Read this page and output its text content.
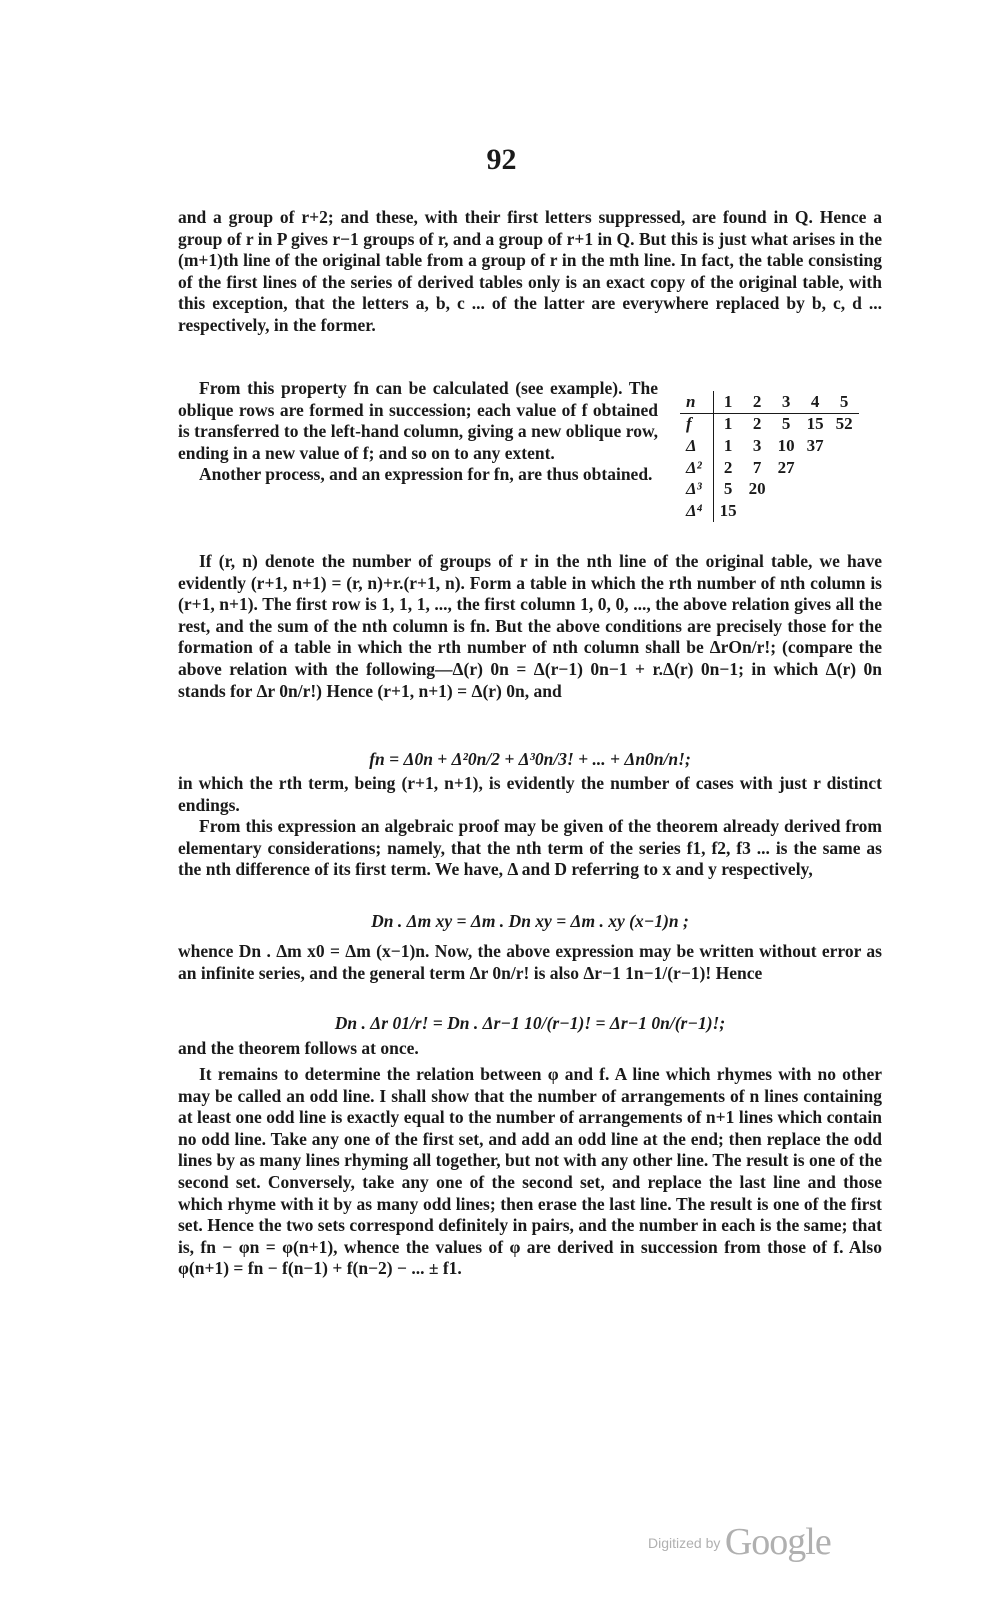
92

and a group of r+2; and these, with their first letters suppressed, are found in Q. Hence a group of r in P gives r−1 groups of r, and a group of r+1 in Q. But this is just what arises in the (m+1)th line of the original table from a group of r in the mth line. In fact, the table consisting of the first lines of the series of derived tables only is an exact copy of the original table, with this exception, that the letters a, b, c ... of the latter are everywhere replaced by b, c, d ... respectively, in the former.

From this property fn can be calculated (see example). The oblique rows are formed in succession; each value of f obtained is transferred to the left-hand column, giving a new oblique row, ending in a new value of f; and so on to any extent.

Another process, and an expression for fn, are thus obtained.

n	1	2	3	4	5
f	1	2	5	15	52
Δ	1	3	10	37	
Δ²	2	7	27		
Δ³	5	20			
Δ⁴	15				

If (r, n) denote the number of groups of r in the nth line of the original table, we have evidently (r+1, n+1) = (r, n)+r.(r+1, n). Form a table in which the rth number of nth column is (r+1, n+1). The first row is 1, 1, 1, ..., the first column 1, 0, 0, ..., the above relation gives all the rest, and the sum of the nth column is fn. But the above conditions are precisely those for the formation of a table in which the rth number of nth column shall be ΔrOn/r!; (compare the above relation with the following—Δ(r) 0n = Δ(r−1) 0n−1 + r.Δ(r) 0n−1; in which Δ(r) 0n stands for Δr 0n/r!) Hence (r+1, n+1) = Δ(r) 0n, and

fn = Δ0n + Δ²0n/2 + Δ³0n/3! + ... + Δn0n/n!;

in which the rth term, being (r+1, n+1), is evidently the number of cases with just r distinct endings.

From this expression an algebraic proof may be given of the theorem already derived from elementary considerations; namely, that the nth term of the series f1, f2, f3 ... is the same as the nth difference of its first term. We have, Δ and D referring to x and y respectively,

Dn . Δm xy = Δm . Dn xy = Δm . xy (x−1)n ;

whence Dn . Δm x0 = Δm (x−1)n. Now, the above expression may be written without error as an infinite series, and the general term Δr 0n/r! is also Δr−1 1n−1/(r−1)! Hence

Dn . Δr 01/r! = Dn . Δr−1 10/(r−1)! = Δr−1 0n/(r−1)!;

and the theorem follows at once.

It remains to determine the relation between φ and f. A line which rhymes with no other may be called an odd line. I shall show that the number of arrangements of n lines containing at least one odd line is exactly equal to the number of arrangements of n+1 lines which contain no odd line. Take any one of the first set, and add an odd line at the end; then replace the odd lines by as many lines rhyming all together, but not with any other line. The result is one of the second set. Conversely, take any one of the second set, and replace the last line and those which rhyme with it by as many odd lines; then erase the last line. The result is one of the first set. Hence the two sets correspond definitely in pairs, and the number in each is the same; that is, fn − φn = φ(n+1), whence the values of φ are derived in succession from those of f. Also φ(n+1) = fn − f(n−1) + f(n−2) − ... ± f1.

Digitized by Google
